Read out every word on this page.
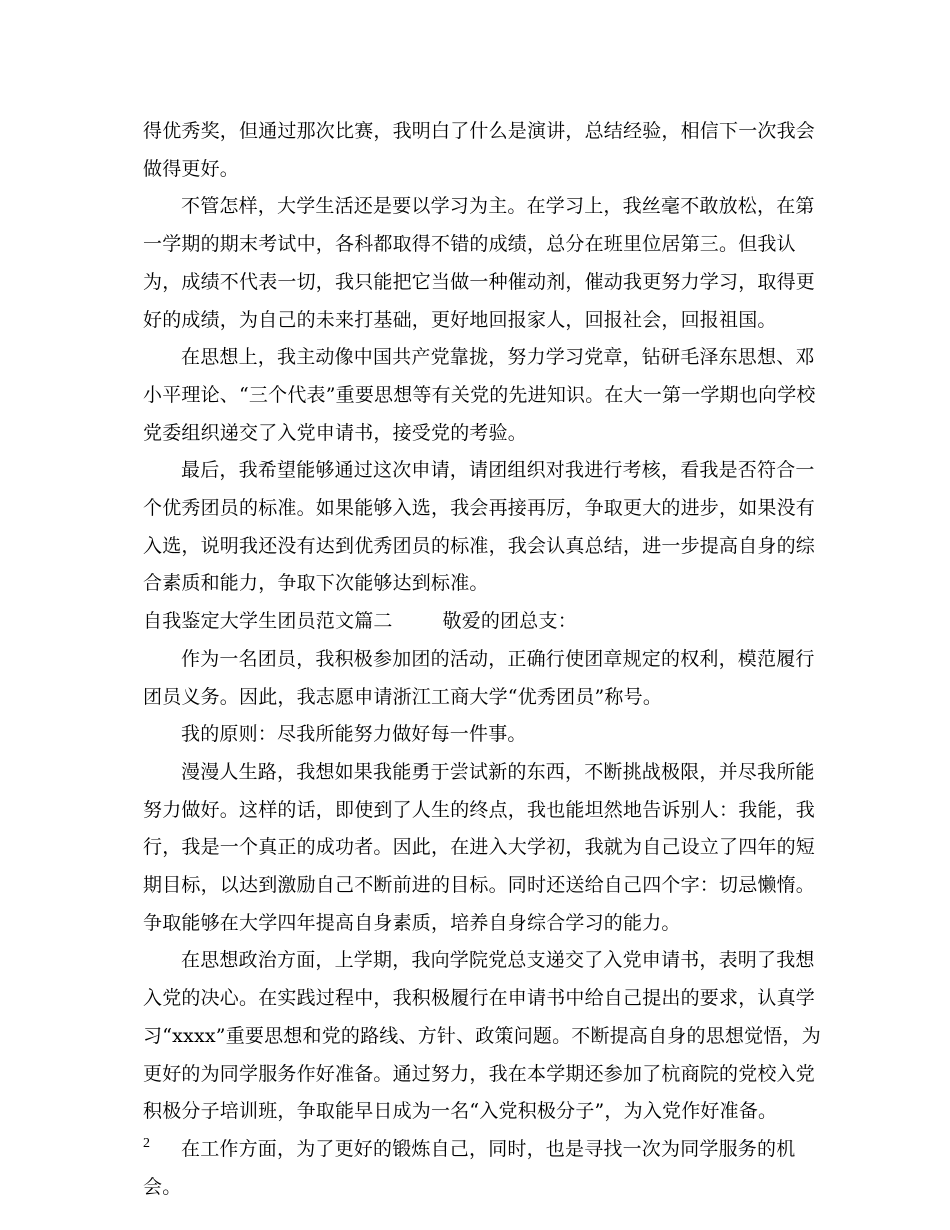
得优秀奖，但通过那次比赛，我明白了什么是演讲，总结经验，相信下一次我会做得更好。

不管怎样，大学生活还是要以学习为主。在学习上，我丝毫不敢放松，在第一学期的期末考试中，各科都取得不错的成绩，总分在班里位居第三。但我认为，成绩不代表一切，我只能把它当做一种催动剂，催动我更努力学习，取得更好的成绩，为自己的未来打基础，更好地回报家人，回报社会，回报祖国。

在思想上，我主动像中国共产党靠拢，努力学习党章，钻研毛泽东思想、邓小平理论、“三个代表”重要思想等有关党的先进知识。在大一第一学期也向学校党委组织递交了入党申请书，接受党的考验。

最后，我希望能够通过这次申请，请团组织对我进行考核，看我是否符合一个优秀团员的标准。如果能够入选，我会再接再厉，争取更大的进步，如果没有入选，说明我还没有达到优秀团员的标准，我会认真总结，进一步提高自身的综合素质和能力，争取下次能够达到标准。

自我鉴定大学生团员范文篇二	敬爱的团总支：

作为一名团员，我积极参加团的活动，正确行使团章规定的权利，模范履行团员义务。因此，我志愿申请浙江工商大学“优秀团员”称号。

我的原则：尽我所能努力做好每一件事。

漫漫人生路，我想如果我能勇于尝试新的东西，不断挑战极限，并尽我所能努力做好。这样的话，即使到了人生的终点，我也能坦然地告诉别人：我能，我行，我是一个真正的成功者。因此，在进入大学初，我就为自己设立了四年的短期目标，以达到激励自己不断前进的目标。同时还送给自己四个字：切忌懒惰。争取能够在大学四年提高自身素质，培养自身综合学习的能力。

在思想政治方面，上学期，我向学院党总支递交了入党申请书，表明了我想入党的决心。在实践过程中，我积极履行在申请书中给自己提出的要求，认真学习“xxxx”重要思想和党的路线、方针、政策问题。不断提高自身的思想觉悟，为更好的为同学服务作好准备。通过努力，我在本学期还参加了杭商院的党校入党积极分子培训班，争取能早日成为一名“入党积极分子”，为入党作好准备。

在工作方面，为了更好的锻炼自己，同时，也是寻找一次为同学服务的机会。

2
